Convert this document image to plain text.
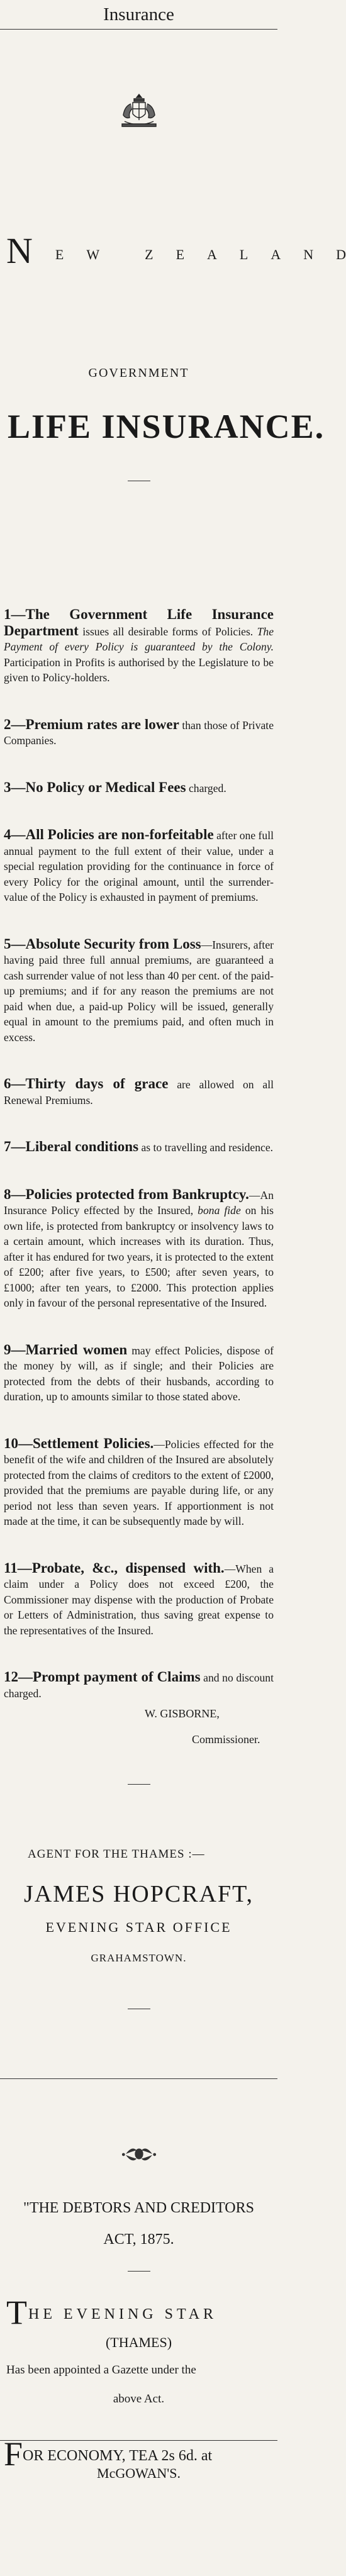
Insurance
N E W	Z E A L A N D
GOVERNMENT
LIFE INSURANCE.

1—The Government Life Insurance Department issues all desirable forms of Policies. The Payment of every Policy is guaranteed by the Colony. Participation in Profits is authorised by the Legislature to be given to Policy-holders.

2—Premium rates are lower than those of Private Companies.

3—No Policy or Medical Fees charged.

4—All Policies are non-forfeitable after one full annual payment to the full extent of their value, under a special regulation providing for the continuance in force of every Policy for the original amount, until the surrender-value of the Policy is exhausted in payment of premiums.

5—Absolute Security from Loss—Insurers, after having paid three full annual premiums, are guaranteed a cash surrender value of not less than 40 per cent. of the paid-up premiums; and if for any reason the premiums are not paid when due, a paid-up Policy will be issued, generally equal in amount to the premiums paid, and often much in excess.

6—Thirty days of grace are allowed on all Renewal Premiums.

7—Liberal conditions as to travelling and residence.

8—Policies protected from Bankruptcy.—An Insurance Policy effected by the Insured, bona fide on his own life, is protected from bankruptcy or insolvency laws to a certain amount, which increases with its duration. Thus, after it has endured for two years, it is protected to the extent of £200; after five years, to £500; after seven years, to £1000; after ten years, to £2000. This protection applies only in favour of the personal representative of the Insured.

9—Married women may effect Policies, dispose of the money by will, as if single; and their Policies are protected from the debts of their husbands, according to duration, up to amounts similar to those stated above.

10—Settlement Policies.—Policies effected for the benefit of the wife and children of the Insured are absolutely protected from the claims of creditors to the extent of £2000, provided that the premiums are payable during life, or any period not less than seven years. If apportionment is not made at the time, it can be subsequently made by will.

11—Probate, &c., dispensed with.—When a claim under a Policy does not exceed £200, the Commissioner may dispense with the production of Probate or Letters of Administration, thus saving great expense to the representatives of the Insured.

12—Prompt payment of Claims and no discount charged.

W. GISBORNE,
Commissioner.
AGENT FOR THE THAMES :—
JAMES HOPCRAFT,
EVENING STAR OFFICE
GRAHAMSTOWN.
"THE DEBTORS AND CREDITORS
ACT, 1875.
THE EVENING STAR
(THAMES)
Has been appointed a Gazette under the
above Act.
FOR ECONOMY, TEA 2s 6d. at
McGOWAN'S.
